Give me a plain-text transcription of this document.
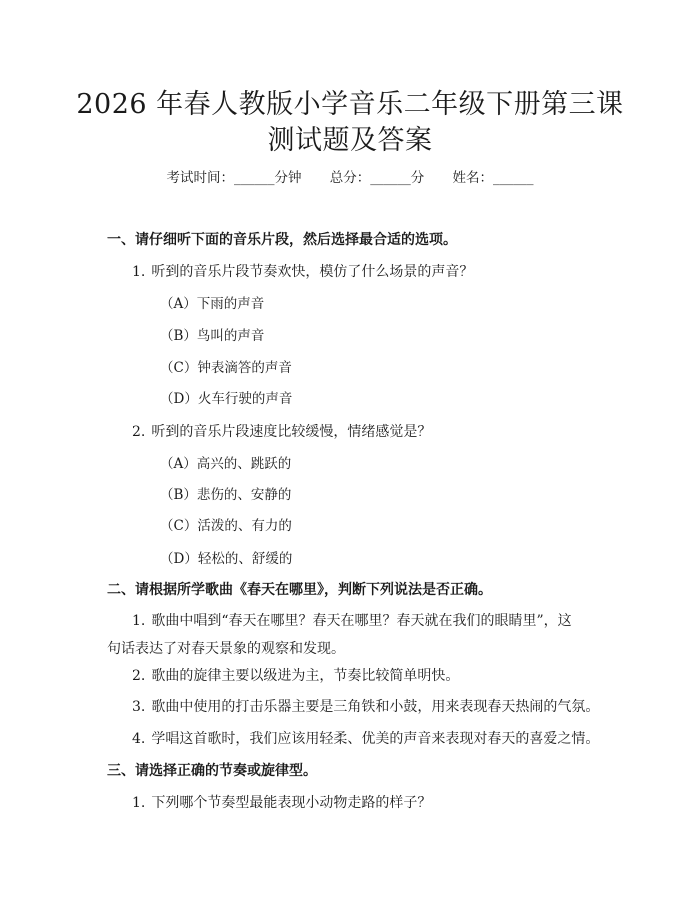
2026 年春人教版小学音乐二年级下册第三课
测试题及答案
考试时间：______分钟 总分：______分 姓名：______
一、请仔细听下面的音乐片段，然后选择最合适的选项。
1. 听到的音乐片段节奏欢快，模仿了什么场景的声音？
（A）下雨的声音
（B）鸟叫的声音
（C）钟表滴答的声音
（D）火车行驶的声音
2. 听到的音乐片段速度比较缓慢，情绪感觉是？
（A）高兴的、跳跃的
（B）悲伤的、安静的
（C）活泼的、有力的
（D）轻松的、舒缓的
二、请根据所学歌曲《春天在哪里》，判断下列说法是否正确。
1. 歌曲中唱到“春天在哪里？春天在哪里？春天就在我们的眼睛里”，这句话表达了对春天景象的观察和发现。
2. 歌曲的旋律主要以级进为主，节奏比较简单明快。
3. 歌曲中使用的打击乐器主要是三角铁和小鼓，用来表现春天热闹的气氛。
4. 学唱这首歌时，我们应该用轻柔、优美的声音来表现对春天的喜爱之情。
三、请选择正确的节奏或旋律型。
1. 下列哪个节奏型最能表现小动物走路的样子？
